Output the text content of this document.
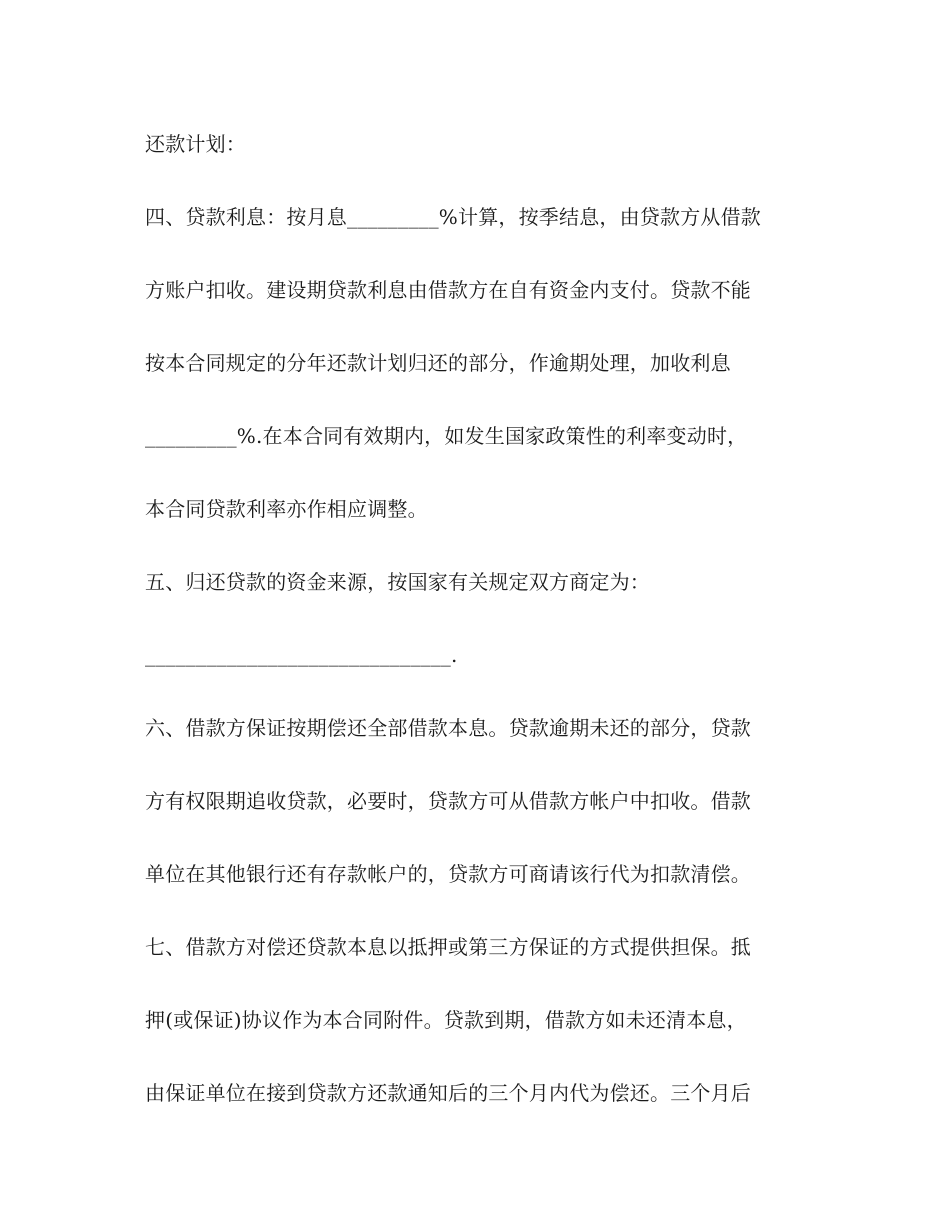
还款计划：
四、贷款利息：按月息_________%计算，按季结息，由贷款方从借款
方账户扣收。建设期贷款利息由借款方在自有资金内支付。贷款不能
按本合同规定的分年还款计划归还的部分，作逾期处理，加收利息
_________%.在本合同有效期内，如发生国家政策性的利率变动时，
本合同贷款利率亦作相应调整。
五、归还贷款的资金来源，按国家有关规定双方商定为：
______________________________.
六、借款方保证按期偿还全部借款本息。贷款逾期未还的部分，贷款
方有权限期追收贷款，必要时，贷款方可从借款方帐户中扣收。借款
单位在其他银行还有存款帐户的，贷款方可商请该行代为扣款清偿。
七、借款方对偿还贷款本息以抵押或第三方保证的方式提供担保。抵
押(或保证)协议作为本合同附件。贷款到期，借款方如未还清本息，
由保证单位在接到贷款方还款通知后的三个月内代为偿还。三个月后
